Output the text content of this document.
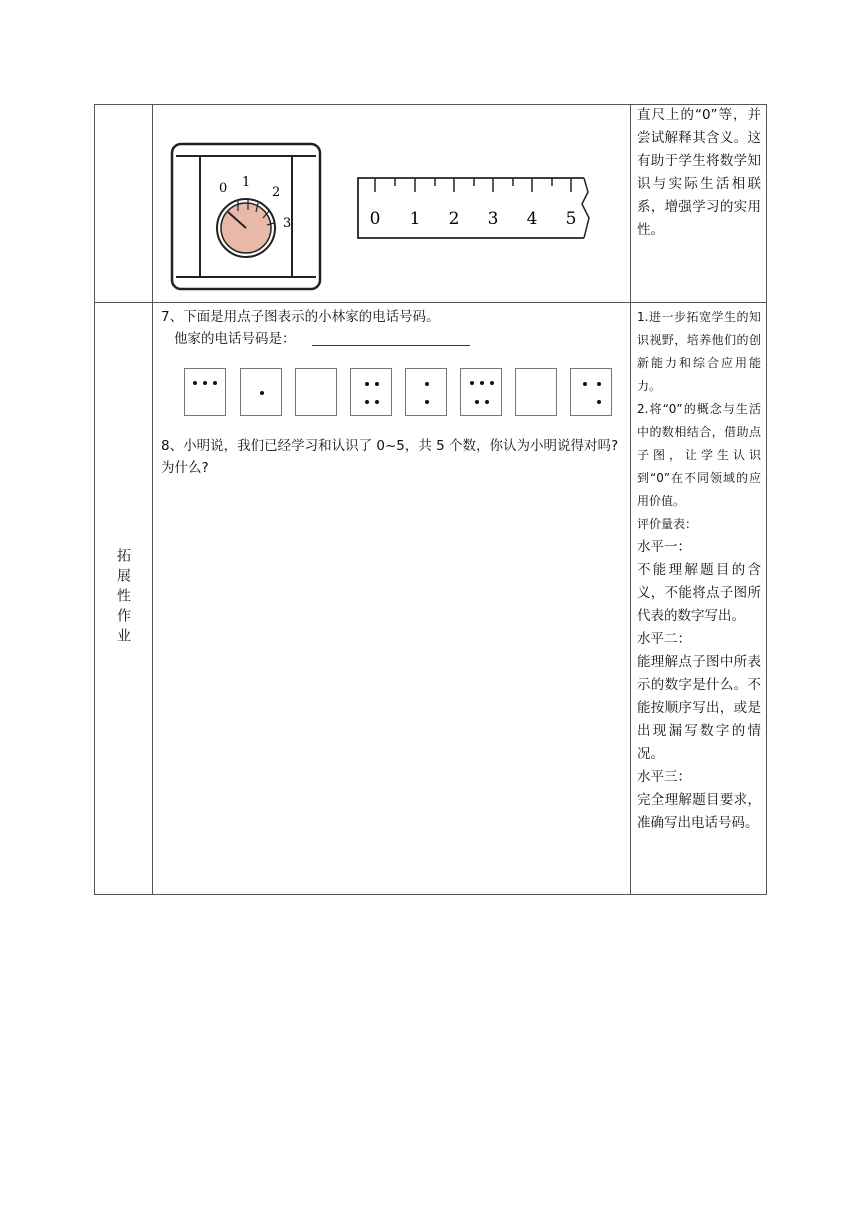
0 1
2
3	0 1 2 3 4 5

直尺上的“0”等，并尝试解释其含义。这有助于学生将数学知识与实际生活相联系，增强学习的实用性。

拓展性作业
7、下面是用点子图表示的小林家的电话号码。
他家的电话号码是：
8、小明说，我们已经学习和认识了 0~5，共 5 个数，你认为小明说得对吗?为什么?

1.进一步拓宽学生的知识视野，培养他们的创新能力和综合应用能力。

2.将“0”的概念与生活中的数相结合，借助点子图，让学生认识到“0”在不同领域的应用价值。

评价量表：

水平一：

不能理解题目的含义，不能将点子图所代表的数字写出。

水平二：

能理解点子图中所表示的数字是什么。不能按顺序写出，或是出现漏写数字的情况。

水平三：

完全理解题目要求，准确写出电话号码。
